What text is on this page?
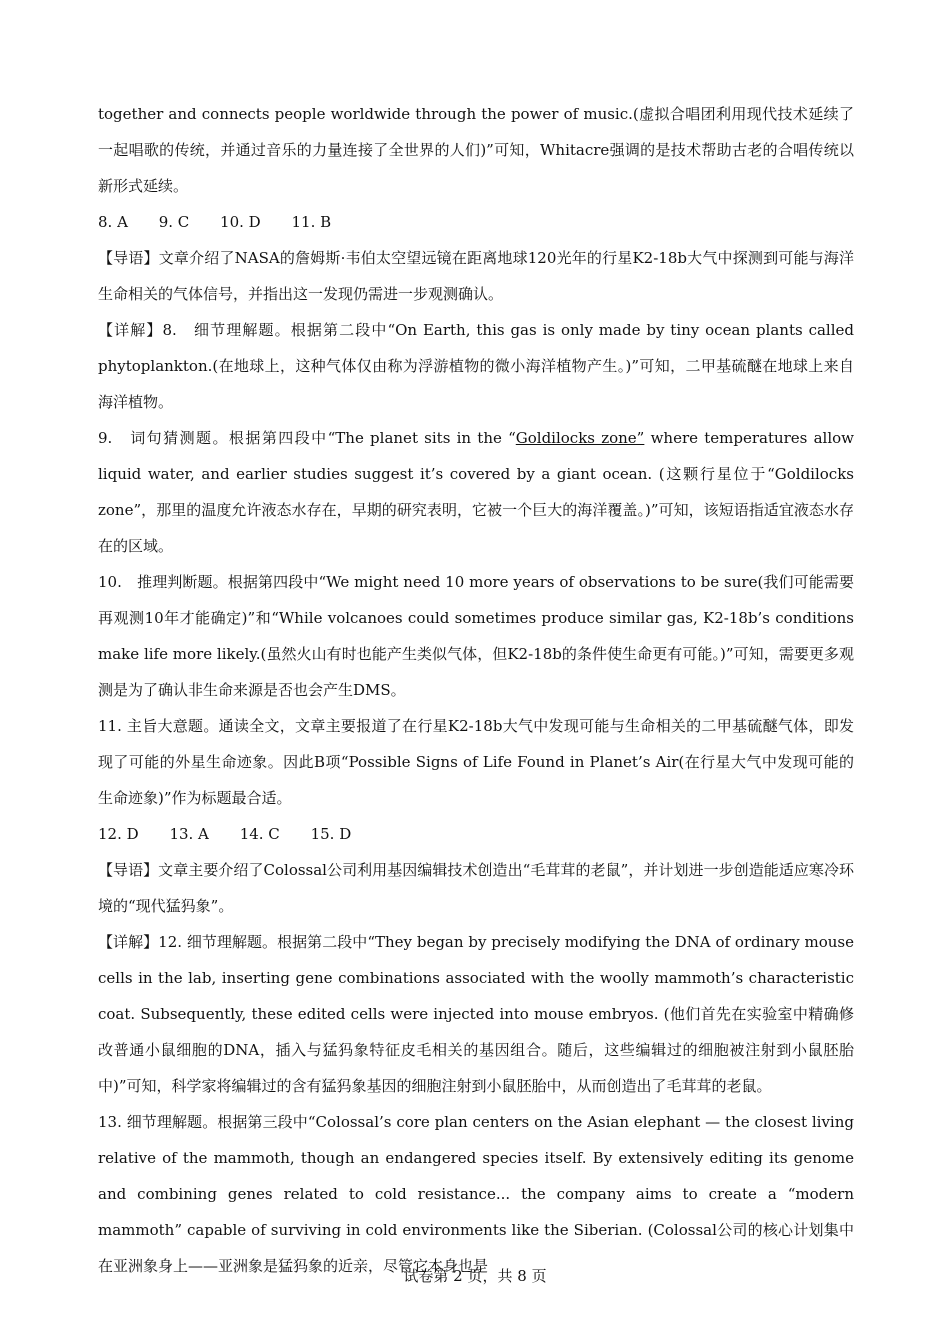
together and connects people worldwide through the power of music.(虚拟合唱团利用现代技术延续了一起唱歌的传统，并通过音乐的力量连接了全世界的人们)”可知，Whitacre强调的是技术帮助古老的合唱传统以新形式延续。

8. A 9. C 10. D 11. B

【导语】文章介绍了NASA的詹姆斯·韦伯太空望远镜在距离地球120光年的行星K2-18b大气中探测到可能与海洋生命相关的气体信号，并指出这一发现仍需进一步观测确认。

【详解】8.　细节理解题。根据第二段中“On Earth, this gas is only made by tiny ocean plants called phytoplankton.(在地球上，这种气体仅由称为浮游植物的微小海洋植物产生。)”可知，二甲基硫醚在地球上来自海洋植物。

9.　词句猜测题。根据第四段中“The planet sits in the “Goldilocks zone” where temperatures allow liquid water, and earlier studies suggest it’s covered by a giant ocean. (这颗行星位于“Goldilocks zone”，那里的温度允许液态水存在，早期的研究表明，它被一个巨大的海洋覆盖。)”可知，该短语指适宜液态水存在的区域。

10.　推理判断题。根据第四段中“We might need 10 more years of observations to be sure(我们可能需要再观测10年才能确定)”和“While volcanoes could sometimes produce similar gas, K2-18b’s conditions make life more likely.(虽然火山有时也能产生类似气体，但K2-18b的条件使生命更有可能。)”可知，需要更多观测是为了确认非生命来源是否也会产生DMS。

11. 主旨大意题。通读全文，文章主要报道了在行星K2-18b大气中发现可能与生命相关的二甲基硫醚气体，即发现了可能的外星生命迹象。因此B项“Possible Signs of Life Found in Planet’s Air(在行星大气中发现可能的生命迹象)”作为标题最合适。

12. D 13. A 14. C 15. D

【导语】文章主要介绍了Colossal公司利用基因编辑技术创造出“毛茸茸的老鼠”，并计划进一步创造能适应寒冷环境的“现代猛犸象”。

【详解】12. 细节理解题。根据第二段中“They began by precisely modifying the DNA of ordinary mouse cells in the lab, inserting gene combinations associated with the woolly mammoth’s characteristic coat. Subsequently, these edited cells were injected into mouse embryos. (他们首先在实验室中精确修改普通小鼠细胞的DNA，插入与猛犸象特征皮毛相关的基因组合。随后，这些编辑过的细胞被注射到小鼠胚胎中)”可知，科学家将编辑过的含有猛犸象基因的细胞注射到小鼠胚胎中，从而创造出了毛茸茸的老鼠。

13. 细节理解题。根据第三段中“Colossal’s core plan centers on the Asian elephant — the closest living relative of the mammoth, though an endangered species itself. By extensively editing its genome and combining genes related to cold resistance... the company aims to create a “modern mammoth” capable of surviving in cold environments like the Siberian. (Colossal公司的核心计划集中在亚洲象身上——亚洲象是猛犸象的近亲，尽管它本身也是

试卷第 2 页，共 8 页
